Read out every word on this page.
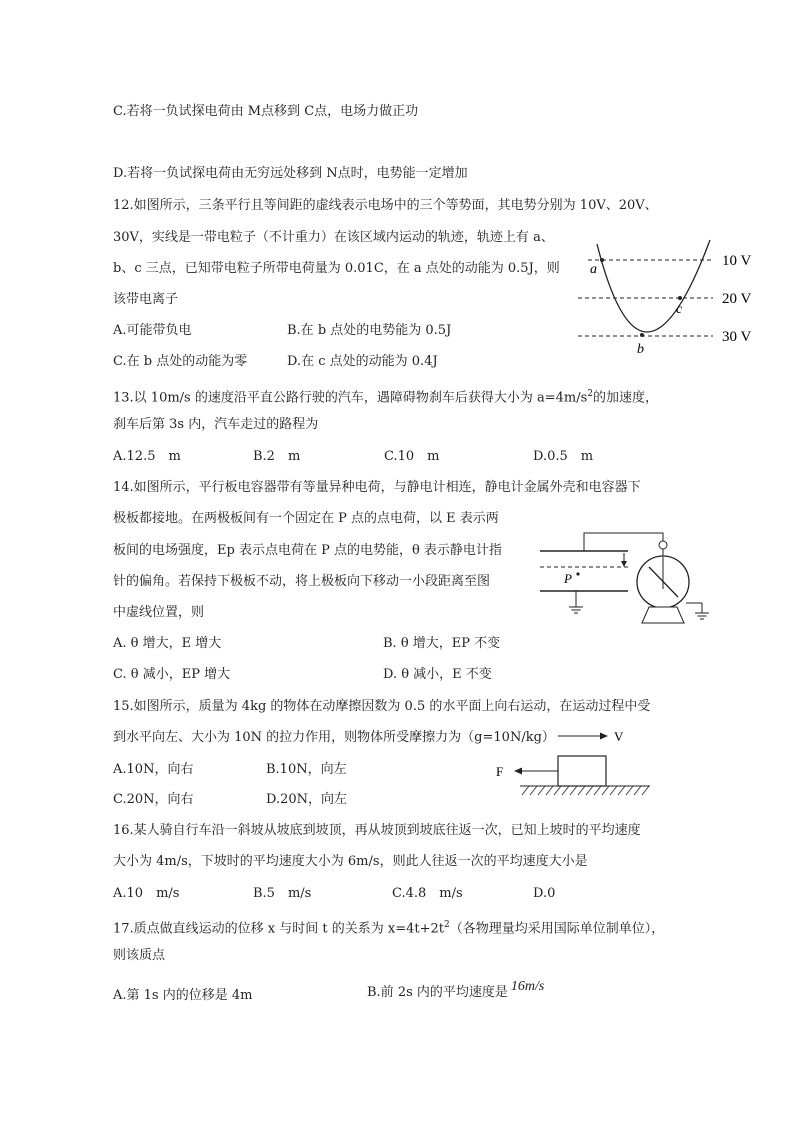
C.若将一负试探电荷由 M点移到 C点，电场力做正功
D.若将一负试探电荷由无穷远处移到 N点时，电势能一定增加
12.如图所示，三条平行且等间距的虚线表示电场中的三个等势面，其电势分别为 10V、20V、
30V，实线是一带电粒子（不计重力）在该区域内运动的轨迹，轨迹上有 a、
b、c 三点，已知带电粒子所带电荷量为 0.01C，在 a 点处的动能为 0.5J，则
该带电离子
A.可能带负电	B.在 b 点处的电势能为 0.5J
C.在 b 点处的动能为零	D.在 c 点处的动能为 0.4J
a
b
c
10 V
20 V
30 V
13.以 10m/s 的速度沿平直公路行驶的汽车，遇障碍物刹车后获得大小为 $a=4m/s^2$的加速度，
刹车后第 3s 内，汽车走过的路程为
A.12.5　m	B.2　m	C.10　m	D.0.5　m
14.如图所示，平行板电容器带有等量异种电荷，与静电计相连，静电计金属外壳和电容器下
极板都接地。在两极板间有一个固定在 P 点的点电荷，以 E 表示两
板间的电场强度，Ep 表示点电荷在 P 点的电势能，θ 表示静电计指
针的偏角。若保持下极板不动，将上极板向下移动一小段距离至图
中虚线位置，则
A. θ 增大，E 增大	B. θ 增大，EP 不变
C. θ 减小，EP 增大	D. θ 减小，E 不变
P
15.如图所示，质量为 4kg 的物体在动摩擦因数为 0.5 的水平面上向右运动，在运动过程中受
到水平向左、大小为 10N 的拉力作用，则物体所受摩擦力为（g=10N/kg）
A.10N，向右	B.10N，向左
C.20N，向右	D.20N，向左
V
F
16.某人骑自行车沿一斜坡从坡底到坡顶，再从坡顶到坡底往返一次，已知上坡时的平均速度
大小为 4m/s，下坡时的平均速度大小为 6m/s，则此人往返一次的平均速度大小是
A.10　m/s	B.5　m/s	C.4.8　m/s	D.0
17.质点做直线运动的位移 x 与时间 t 的关系为 $x=4t+2t^2$（各物理量均采用国际单位制单位），
则该质点
A.第 1s 内的位移是 4m	B.前 2s 内的平均速度是 16m/s
